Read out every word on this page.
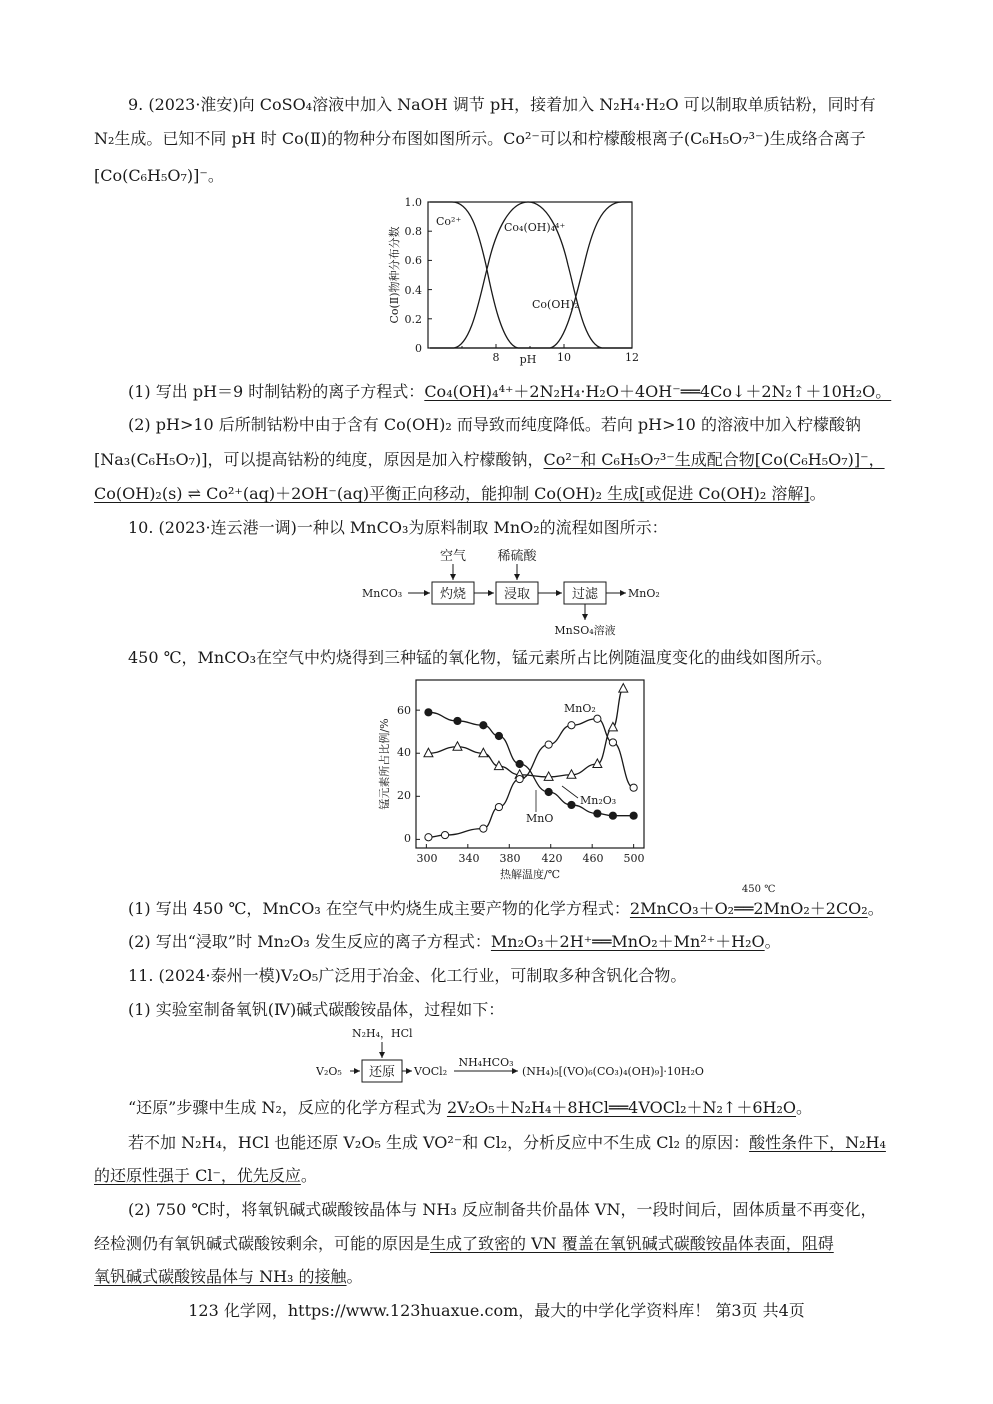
9. (2023·淮安)向 CoSO₄溶液中加入 NaOH 调节 pH，接着加入 N₂H₄·H₂O 可以制取单质钴粉，同时有
N₂生成。已知不同 pH 时 Co(Ⅱ)的物种分布图如图所示。Co²⁻可以和柠檬酸根离子(C₆H₅O₇³⁻)生成络合离子
[Co(C₆H₅O₇)]⁻。
0
0.2
0.4
0.6
0.8
1.0
8	10	12
pH
Co(Ⅱ)物种分布分数
Co²⁺	Co₄(OH)₄⁴⁺
Co(OH)₂
(1) 写出 pH＝9 时制钴粉的离子方程式：Co₄(OH)₄⁴⁺＋2N₂H₄·H₂O＋4OH⁻══4Co↓＋2N₂↑＋10H₂O。
(2) pH>10 后所制钴粉中由于含有 Co(OH)₂ 而导致而纯度降低。若向 pH>10 的溶液中加入柠檬酸钠
[Na₃(C₆H₅O₇)]，可以提高钴粉的纯度，原因是加入柠檬酸钠，Co²⁻和 C₆H₅O₇³⁻生成配合物[Co(C₆H₅O₇)]⁻，
Co(OH)₂(s) ⇌ Co²⁺(aq)＋2OH⁻(aq)平衡正向移动，能抑制 Co(OH)₂ 生成[或促进 Co(OH)₂ 溶解]。
10. (2023·连云港一调)一种以 MnCO₃为原料制取 MnO₂的流程如图所示：
MnCO₃	灼烧	浸取	过滤	MnO₂
空气 稀硫酸
MnSO₄溶液
450 ℃，MnCO₃在空气中灼烧得到三种锰的氧化物，锰元素所占比例随温度变化的曲线如图所示。
300 340 380 420 460 500
0
20
40
60
热解温度/℃
锰元素所占比例/%
MnO₂
Mn₂O₃
MnO
(1) 写出 450 ℃，MnCO₃ 在空气中灼烧生成主要产物的化学方程式：
450 ℃
2MnCO₃＋O₂══2MnO₂＋2CO₂。
(2) 写出“浸取”时 Mn₂O₃ 发生反应的离子方程式：Mn₂O₃＋2H⁺══MnO₂＋Mn²⁺＋H₂O。
11. (2024·泰州一模)V₂O₅广泛用于冶金、化工行业，可制取多种含钒化合物。
(1) 实验室制备氧钒(Ⅳ)碱式碳酸铵晶体，过程如下：
V₂O₅ 还原
N₂H₄，HCl
VOCl₂
NH₄HCO₃
(NH₄)₅[(VO)₆(CO₃)₄(OH)₉]·10H₂O
“还原”步骤中生成 N₂，反应的化学方程式为 2V₂O₅＋N₂H₄＋8HCl══4VOCl₂＋N₂↑＋6H₂O。
若不加 N₂H₄，HCl 也能还原 V₂O₅ 生成 VO²⁻和 Cl₂，分析反应中不生成 Cl₂ 的原因：酸性条件下，N₂H₄
的还原性强于 Cl⁻，优先反应。
(2) 750 ℃时，将氧钒碱式碳酸铵晶体与 NH₃ 反应制备共价晶体 VN，一段时间后，固体质量不再变化，
经检测仍有氧钒碱式碳酸铵剩余，可能的原因是生成了致密的 VN 覆盖在氧钒碱式碳酸铵晶体表面，阻碍
氧钒碱式碳酸铵晶体与 NH₃ 的接触。
123 化学网，https://www.123huaxue.com，最大的中学化学资料库！ 第3页 共4页
